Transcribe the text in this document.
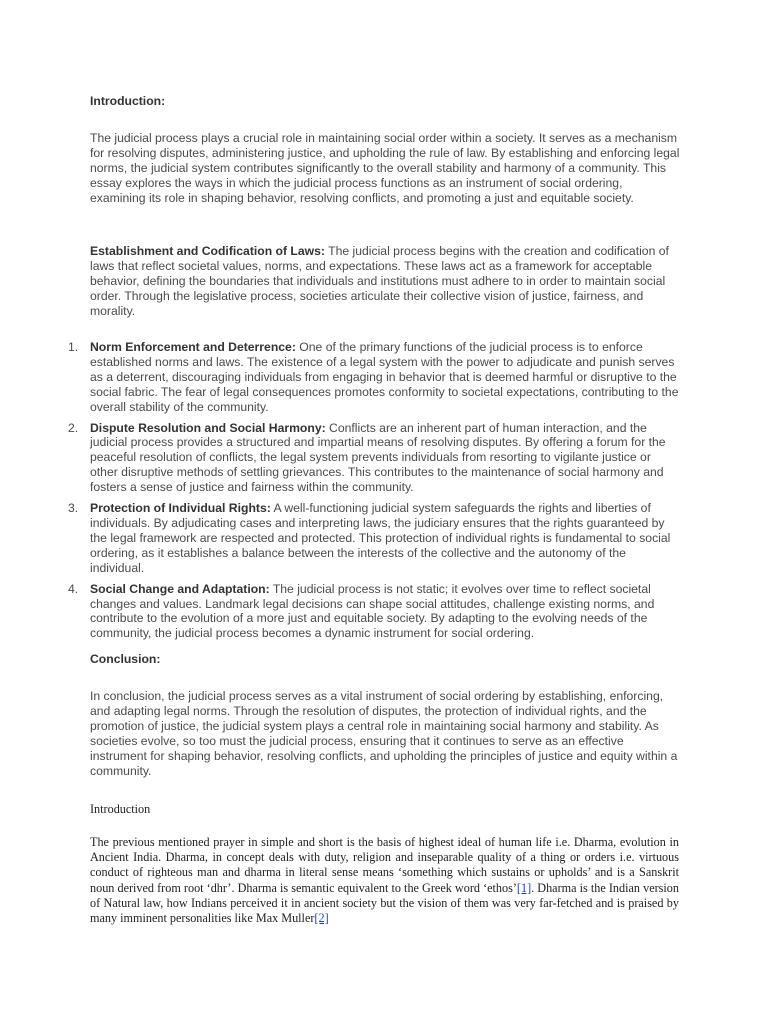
Introduction:

The judicial process plays a crucial role in maintaining social order within a society. It serves as a mechanism for resolving disputes, administering justice, and upholding the rule of law. By establishing and enforcing legal norms, the judicial system contributes significantly to the overall stability and harmony of a community. This essay explores the ways in which the judicial process functions as an instrument of social ordering, examining its role in shaping behavior, resolving conflicts, and promoting a just and equitable society.

Establishment and Codification of Laws: The judicial process begins with the creation and codification of laws that reflect societal values, norms, and expectations. These laws act as a framework for acceptable behavior, defining the boundaries that individuals and institutions must adhere to in order to maintain social order. Through the legislative process, societies articulate their collective vision of justice, fairness, and morality.

1. Norm Enforcement and Deterrence: One of the primary functions of the judicial process is to enforce established norms and laws. The existence of a legal system with the power to adjudicate and punish serves as a deterrent, discouraging individuals from engaging in behavior that is deemed harmful or disruptive to the social fabric. The fear of legal consequences promotes conformity to societal expectations, contributing to the overall stability of the community.
2. Dispute Resolution and Social Harmony: Conflicts are an inherent part of human interaction, and the judicial process provides a structured and impartial means of resolving disputes. By offering a forum for the peaceful resolution of conflicts, the legal system prevents individuals from resorting to vigilante justice or other disruptive methods of settling grievances. This contributes to the maintenance of social harmony and fosters a sense of justice and fairness within the community.
3. Protection of Individual Rights: A well-functioning judicial system safeguards the rights and liberties of individuals. By adjudicating cases and interpreting laws, the judiciary ensures that the rights guaranteed by the legal framework are respected and protected. This protection of individual rights is fundamental to social ordering, as it establishes a balance between the interests of the collective and the autonomy of the individual.
4. Social Change and Adaptation: The judicial process is not static; it evolves over time to reflect societal changes and values. Landmark legal decisions can shape social attitudes, challenge existing norms, and contribute to the evolution of a more just and equitable society. By adapting to the evolving needs of the community, the judicial process becomes a dynamic instrument for social ordering.
Conclusion:

In conclusion, the judicial process serves as a vital instrument of social ordering by establishing, enforcing, and adapting legal norms. Through the resolution of disputes, the protection of individual rights, and the promotion of justice, the judicial system plays a central role in maintaining social harmony and stability. As societies evolve, so too must the judicial process, ensuring that it continues to serve as an effective instrument for shaping behavior, resolving conflicts, and upholding the principles of justice and equity within a community.

Introduction

The previous mentioned prayer in simple and short is the basis of highest ideal of human life i.e. Dharma, evolution in Ancient India. Dharma, in concept deals with duty, religion and inseparable quality of a thing or orders i.e. virtuous conduct of righteous man and dharma in literal sense means ‘something which sustains or upholds’ and is a Sanskrit noun derived from root ‘dhr’. Dharma is semantic equivalent to the Greek word ‘ethos’[1]. Dharma is the Indian version of Natural law, how Indians perceived it in ancient society but the vision of them was very far-fetched and is praised by many imminent personalities like Max Muller[2]
